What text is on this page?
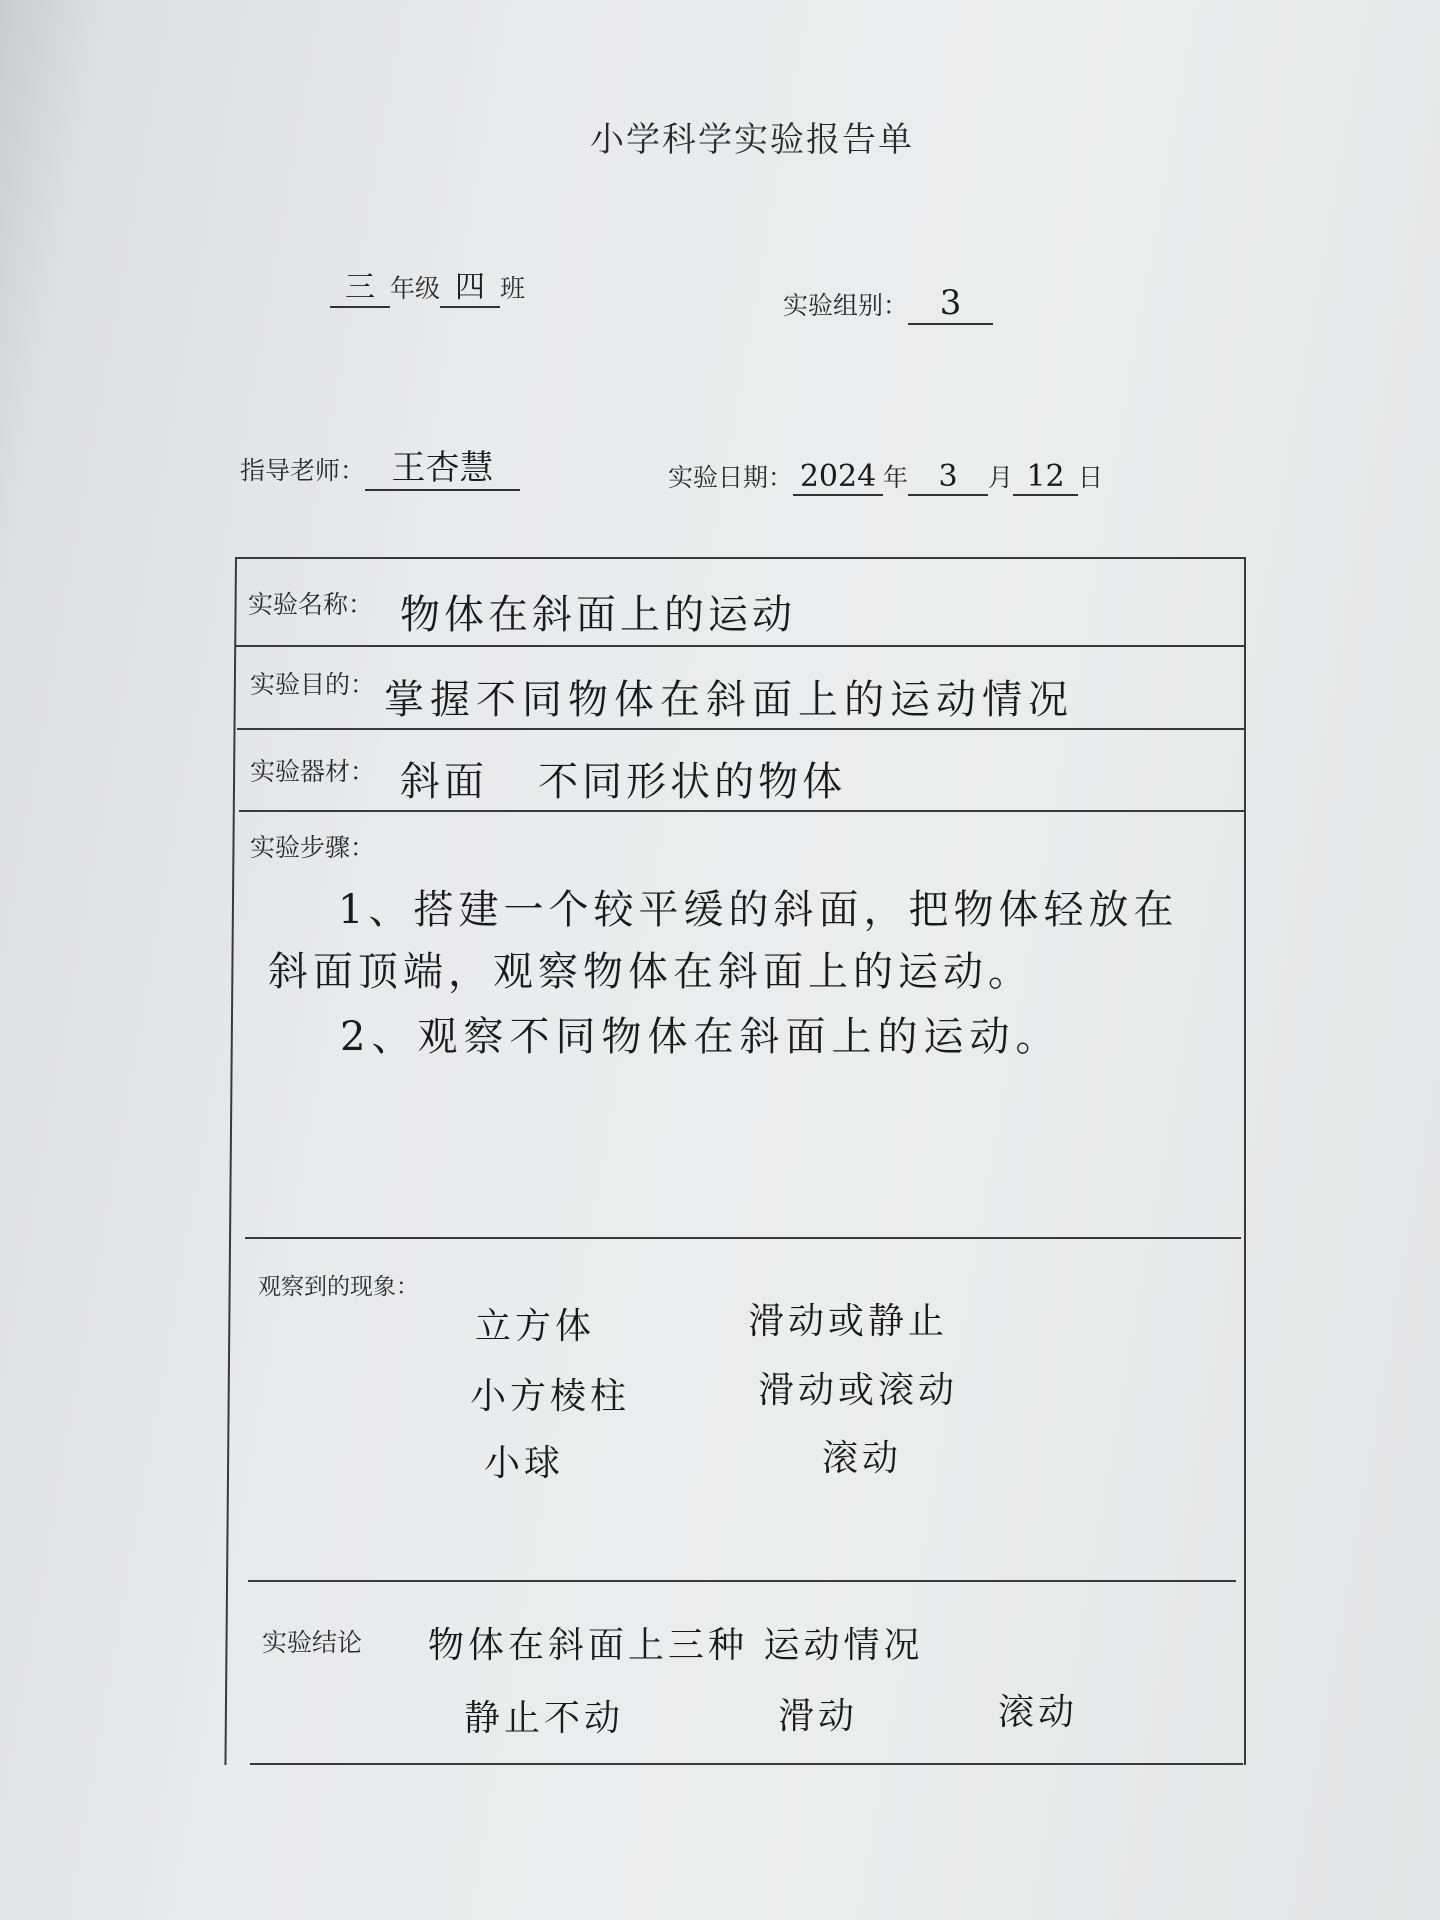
小学科学实验报告单
三 年级 四 班
实验组别： 3
指导老师： 王杏慧	实验日期： 2024 年 3 月 12 日
实验名称： 物体在斜面上的运动
实验目的： 掌握不同物体在斜面上的运动情况
实验器材： 斜面   不同形状的物体
实验步骤：
1、搭建一个较平缓的斜面，把物体轻放在
斜面顶端，观察物体在斜面上的运动。
2、观察不同物体在斜面上的运动。
观察到的现象：
立方体	滑动或静止
小方棱柱	滑动或滚动
小球	滚动
实验结论 物体在斜面上三种 运动情况
静止不动	滑动	滚动
